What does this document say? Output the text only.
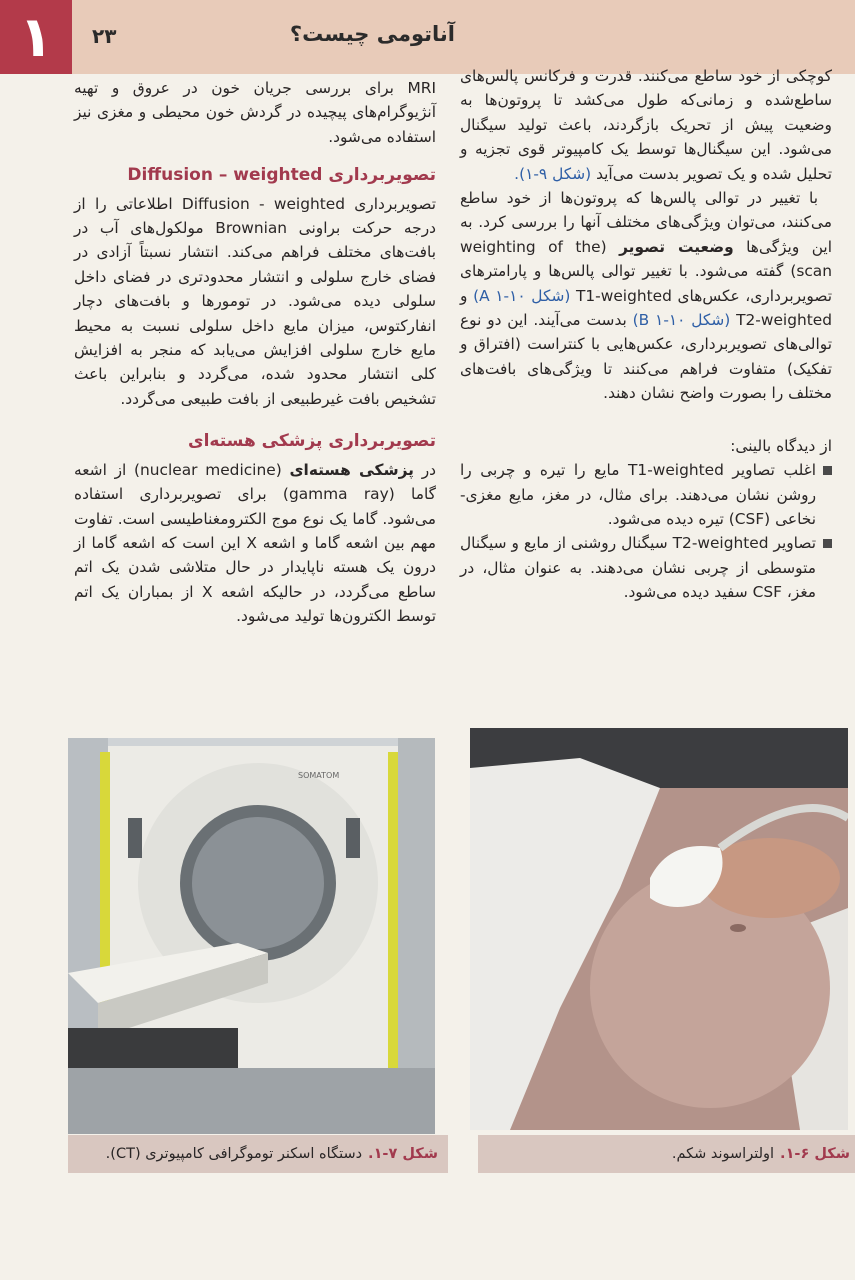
۱	۲۳	آناتومی چیست؟

کوچکی از خود ساطع می‌کنند. قدرت و فرکانس پالس‌های ساطع‌شده و زمانی‌که طول می‌کشد تا پروتون‌ها به وضعیت پیش از تحریک بازگردند، باعث تولید سیگنال می‌شود. این سیگنال‌ها توسط یک کامپیوتر قوی تجزیه و تحلیل شده و یک تصویر بدست می‌آید (شکل ۹-۱).

با تغییر در توالی پالس‌ها که پروتون‌ها از خود ساطع می‌کنند، می‌توان ویژگی‌های مختلف آنها را بررسی کرد. به این ویژگی‌ها وضعیت تصویر (weighting of the scan) گفته می‌شود. با تغییر توالی پالس‌ها و پارامترهای تصویربرداری، عکس‌های T1-weighted (شکل ۱۰-۱ A) و T2-weighted (شکل ۱۰-۱ B) بدست می‌آیند. این دو نوع توالی‌های تصویربرداری، عکس‌هایی با کنتراست (افتراق و تفکیک) متفاوت فراهم می‌کنند تا ویژگی‌های بافت‌های مختلف را بصورت واضح نشان دهند.

از دیدگاه بالینی:

اغلب تصاویر T1-weighted مایع را تیره و چربی را روشن نشان می‌دهند. برای مثال، در مغز، مایع مغزی-نخاعی (CSF) تیره دیده می‌شود.
تصاویر T2-weighted سیگنال روشنی از مایع و سیگنال متوسطی از چربی نشان می‌دهند. به عنوان مثال، در مغز، CSF سفید دیده می‌شود.

MRI برای بررسی جریان خون در عروق و تهیه آنژیوگرام‌های پیچیده در گردش خون محیطی و مغزی نیز استفاده می‌شود.

تصویربرداری Diffusion – weighted

تصویربرداری Diffusion - weighted اطلاعاتی را از درجه حرکت براونی Brownian مولکول‌های آب در بافت‌های مختلف فراهم می‌کند. انتشار نسبتاً آزادی در فضای خارج سلولی و انتشار محدودتری در فضای داخل سلولی دیده می‌شود. در تومورها و بافت‌های دچار انفارکتوس، میزان مایع داخل سلولی نسبت به محیط مایع خارج سلولی افزایش می‌یابد که منجر به افزایش کلی انتشار محدود شده، می‌گردد و بنابراین باعث تشخیص بافت غیرطبیعی از بافت طبیعی می‌گردد.

تصویربرداری پزشکی هسته‌ای

در پزشکی هسته‌ای (nuclear medicine) از اشعه گاما (gamma ray) برای تصویربرداری استفاده می‌شود. گاما یک نوع موج الکترومغناطیسی است. تفاوت مهم بین اشعه گاما و اشعه X این است که اشعه گاما از درون یک هسته ناپایدار در حال متلاشی شدن یک اتم ساطع می‌گردد، در حالیکه اشعه X از بمباران یک اتم توسط الکترون‌ها تولید می‌شود.

SOMATOM
شکل ۷-۱.
دستگاه اسکنر توموگرافی کامپیوتری (CT).	شکل ۶-۱.
اولتراسوند شکم.
